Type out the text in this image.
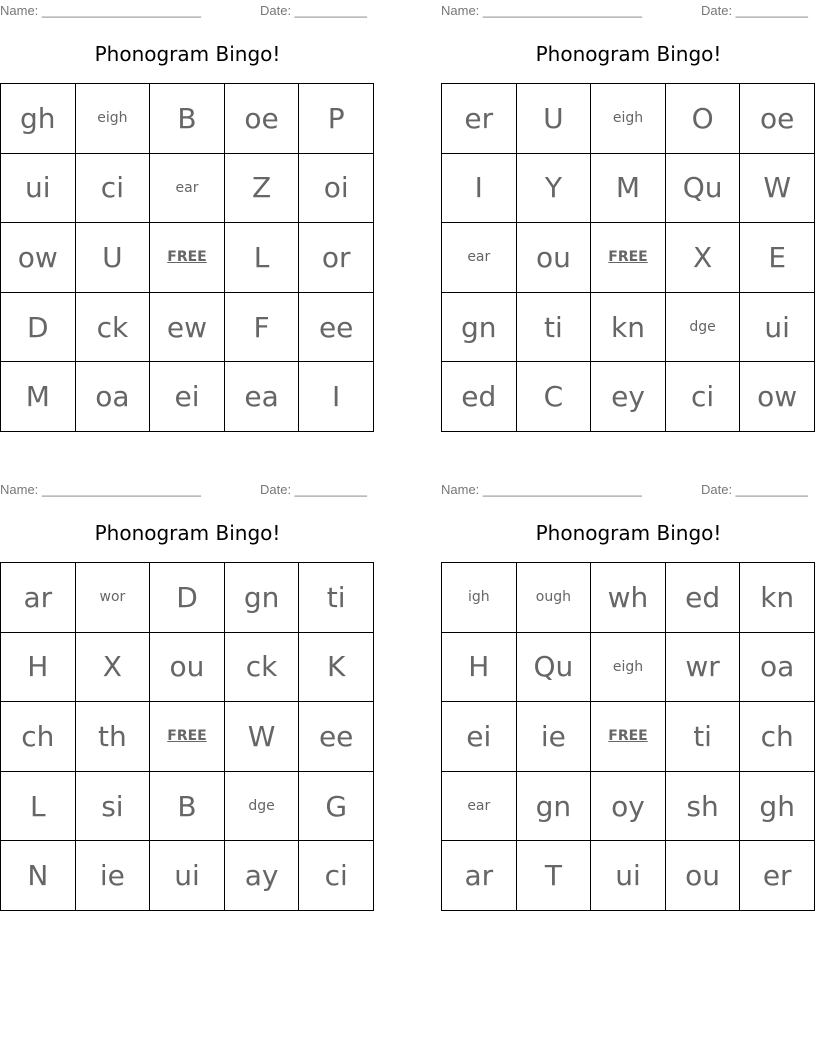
Name: ______________________	Date: __________
Phonogram Bingo!
gh	eigh	B	oe	P
ui	ci	ear	Z	oi
ow	U	FREE	L	or
D	ck	ew	F	ee
M	oa	ei	ea	I
Name: ______________________	Date: __________
Phonogram Bingo!
er	U	eigh	O	oe
I	Y	M	Qu	W
ear	ou	FREE	X	E
gn	ti	kn	dge	ui
ed	C	ey	ci	ow
Name: ______________________	Date: __________
Phonogram Bingo!
ar	wor	D	gn	ti
H	X	ou	ck	K
ch	th	FREE	W	ee
L	si	B	dge	G
N	ie	ui	ay	ci
Name: ______________________	Date: __________
Phonogram Bingo!
igh	ough	wh	ed	kn
H	Qu	eigh	wr	oa
ei	ie	FREE	ti	ch
ear	gn	oy	sh	gh
ar	T	ui	ou	er
